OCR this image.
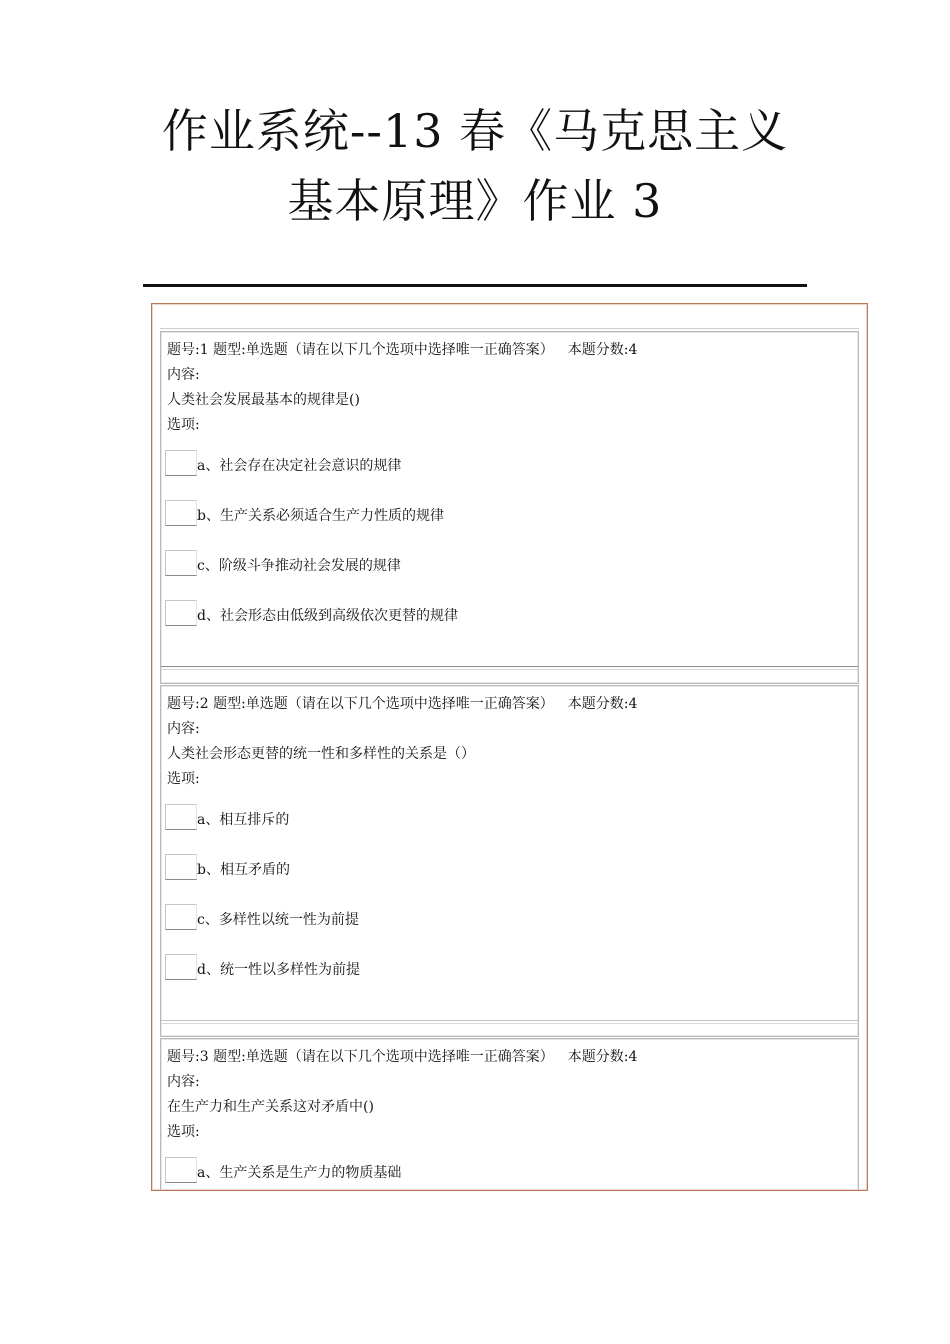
作业系统--13 春《马克思主义基本原理》作业 3
题号:1 题型:单选题（请在以下几个选项中选择唯一正确答案） 本题分数:4
内容:
人类社会发展最基本的规律是()
选项:
a、社会存在决定社会意识的规律
b、生产关系必须适合生产力性质的规律
c、阶级斗争推动社会发展的规律
d、社会形态由低级到高级依次更替的规律
题号:2 题型:单选题（请在以下几个选项中选择唯一正确答案） 本题分数:4
内容:
人类社会形态更替的统一性和多样性的关系是（）
选项:
a、相互排斥的
b、相互矛盾的
c、多样性以统一性为前提
d、统一性以多样性为前提
题号:3 题型:单选题（请在以下几个选项中选择唯一正确答案） 本题分数:4
内容:
在生产力和生产关系这对矛盾中()
选项:
a、生产关系是生产力的物质基础
